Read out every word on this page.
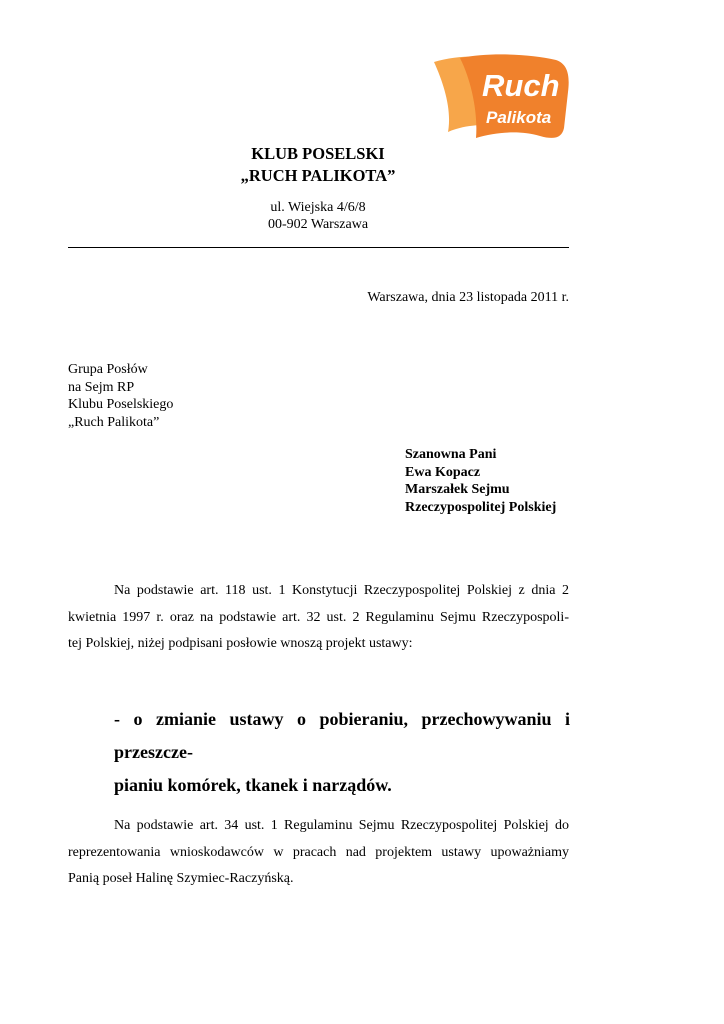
Ruch
Palikota
KLUB POSELSKI
„RUCH PALIKOTA”
ul. Wiejska 4/6/8
00-902 Warszawa
Warszawa, dnia 23 listopada 2011 r.
Grupa Posłów
na Sejm RP
Klubu Poselskiego
„Ruch Palikota”
Szanowna Pani
Ewa Kopacz
Marszałek Sejmu
Rzeczypospolitej Polskiej
Na podstawie art. 118 ust. 1 Konstytucji Rzeczypospolitej Polskiej z dnia 2
kwietnia 1997 r. oraz na podstawie art. 32 ust. 2 Regulaminu Sejmu Rzeczypospoli-
tej Polskiej, niżej podpisani posłowie wnoszą projekt ustawy:
- o zmianie ustawy o pobieraniu, przechowywaniu i przeszcze-
pianiu komórek, tkanek i narządów.
Na podstawie art. 34 ust. 1 Regulaminu Sejmu Rzeczypospolitej Polskiej do
reprezentowania wnioskodawców w pracach nad projektem ustawy upoważniamy
Panią poseł Halinę Szymiec-Raczyńską.
